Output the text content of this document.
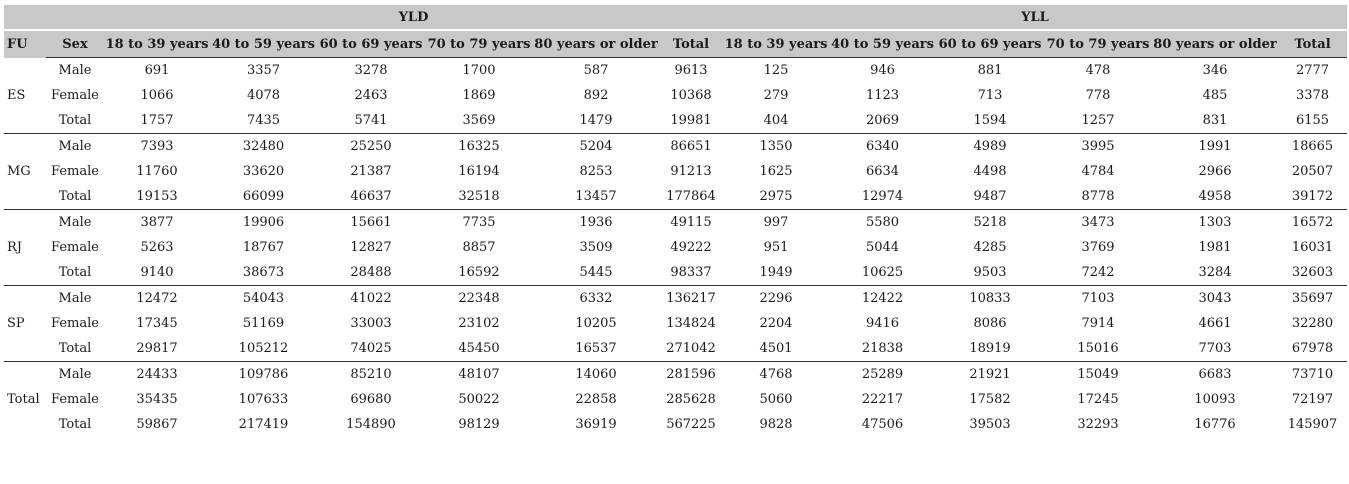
		YLD						YLL					
FU	Sex	18 to 39 years	40 to 59 years	60 to 69 years	70 to 79 years	80 years or older	Total	18 to 39 years	40 to 59 years	60 to 69 years	70 to 79 years	80 years or older	Total
	Male	691	3357	3278	1700	587	9613	125	946	881	478	346	2777
ES	Female	1066	4078	2463	1869	892	10368	279	1123	713	778	485	3378
	Total	1757	7435	5741	3569	1479	19981	404	2069	1594	1257	831	6155
	Male	7393	32480	25250	16325	5204	86651	1350	6340	4989	3995	1991	18665
MG	Female	11760	33620	21387	16194	8253	91213	1625	6634	4498	4784	2966	20507
	Total	19153	66099	46637	32518	13457	177864	2975	12974	9487	8778	4958	39172
	Male	3877	19906	15661	7735	1936	49115	997	5580	5218	3473	1303	16572
RJ	Female	5263	18767	12827	8857	3509	49222	951	5044	4285	3769	1981	16031
	Total	9140	38673	28488	16592	5445	98337	1949	10625	9503	7242	3284	32603
	Male	12472	54043	41022	22348	6332	136217	2296	12422	10833	7103	3043	35697
SP	Female	17345	51169	33003	23102	10205	134824	2204	9416	8086	7914	4661	32280
	Total	29817	105212	74025	45450	16537	271042	4501	21838	18919	15016	7703	67978
	Male	24433	109786	85210	48107	14060	281596	4768	25289	21921	15049	6683	73710
Total	Female	35435	107633	69680	50022	22858	285628	5060	22217	17582	17245	10093	72197
	Total	59867	217419	154890	98129	36919	567225	9828	47506	39503	32293	16776	145907
